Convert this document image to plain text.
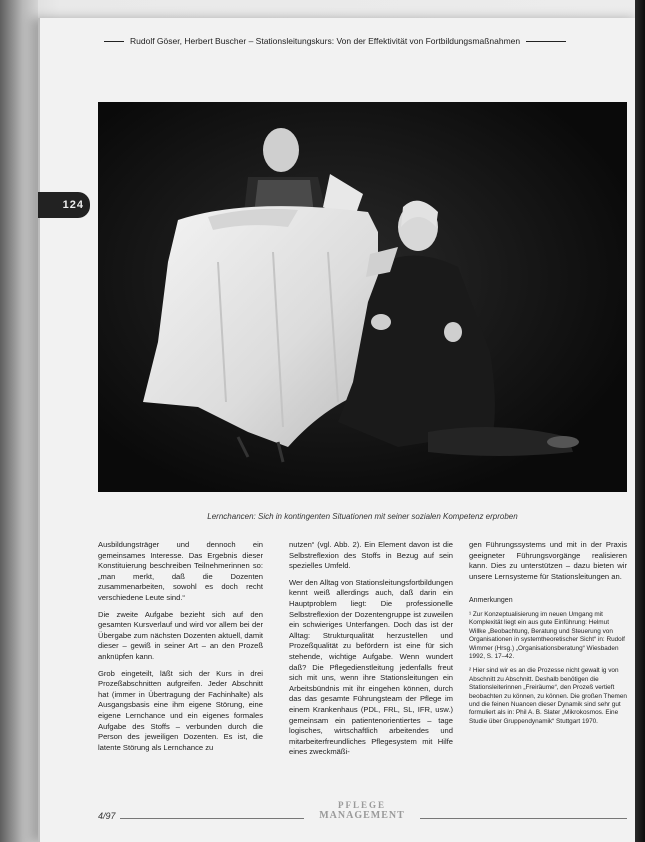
Rudolf Göser, Herbert Buscher – Stationsleitungskurs: Von der Effektivität von Fortbildungsmaßnahmen
124
Lernchancen: Sich in kontingenten Situationen mit seiner sozialen Kompetenz erproben

Ausbildungsträger und dennoch ein gemeinsames Interesse. Das Ergebnis dieser Konstituierung beschreiben Teilnehmerinnen so: „man merkt, daß die Dozenten zusammenarbeiten, sowohl es doch recht verschiedene Leute sind.“

Die zweite Aufgabe bezieht sich auf den gesamten Kursverlauf und wird vor allem bei der Übergabe zum nächsten Dozenten aktuell, damit dieser – gewiß in seiner Art – an den Prozeß anknüpfen kann.

Grob eingeteilt, läßt sich der Kurs in drei Prozeßabschnitten aufgreifen. Jeder Abschnitt hat (immer in Übertragung der Fachinhalte) als Ausgangsbasis eine ihm eigene Störung, eine eigene Lernchance und ein eigenes formales Aufgabe des Stoffs – verbunden durch die Person des jeweiligen Dozenten. Es ist, die latente Störung als Lernchance zu

nutzen“ (vgl. Abb. 2). Ein Element davon ist die Selbstreflexion des Stoffs in Bezug auf sein spezielles Umfeld.

Wer den Alltag von Stationsleitungsfortbildungen kennt weiß allerdings auch, daß darin ein Hauptproblem liegt: Die professionelle Selbstreflexion der Dozentengruppe ist zuweilen ein schwieriges Unterfangen. Doch das ist der Alltag: Strukturqualität herzustellen und Prozeßqualität zu befördern ist eine für sich stehende, wichtige Aufgabe. Wenn wundert daß? Die Pflegedienstleitung jedenfalls freut sich mit uns, wenn ihre Stationsleitungen ein Arbeitsbündnis mit ihr eingehen können, durch das das gesamte Führungsteam der Pflege im einem Krankenhaus (PDL, FRL, SL, IFR, usw.) gemeinsam ein patientenorientiertes – tage logisches, wirtschaftlich arbeitendes und mitarbeiterfreundliches Pflegesystem mit Hilfe eines zweckmäßi-

gen Führungssystems und mit in der Praxis geeigneter Führungsvorgänge realisieren kann. Dies zu unterstützen – dazu bieten wir unsere Lernsysteme für Stationsleitungen an.

Anmerkungen

¹ Zur Konzeptualisierung im neuen Umgang mit Komplexität liegt ein aus gute Einführung: Helmut Willke „Beobachtung, Beratung und Steuerung von Organisationen in systemtheoretischer Sicht“ in: Rudolf Wimmer (Hrsg.) „Organisationsberatung“ Wiesbaden 1992, S. 17–42.

² Hier sind wir es an die Prozesse nicht gewalt ig von Abschnitt zu Abschnitt. Deshalb benötigen die Stationsleiterinnen „Freiräume“, den Prozeß vertieft beobachten zu können, zu können. Die großen Themen und die feinen Nuancen dieser Dynamik sind sehr gut formuliert als in: Phil A. B. Slater „Mikrokosmos. Eine Studie über Gruppendynamik“ Stuttgart 1970.

4/97
PFLEGE
MANAGEMENT
